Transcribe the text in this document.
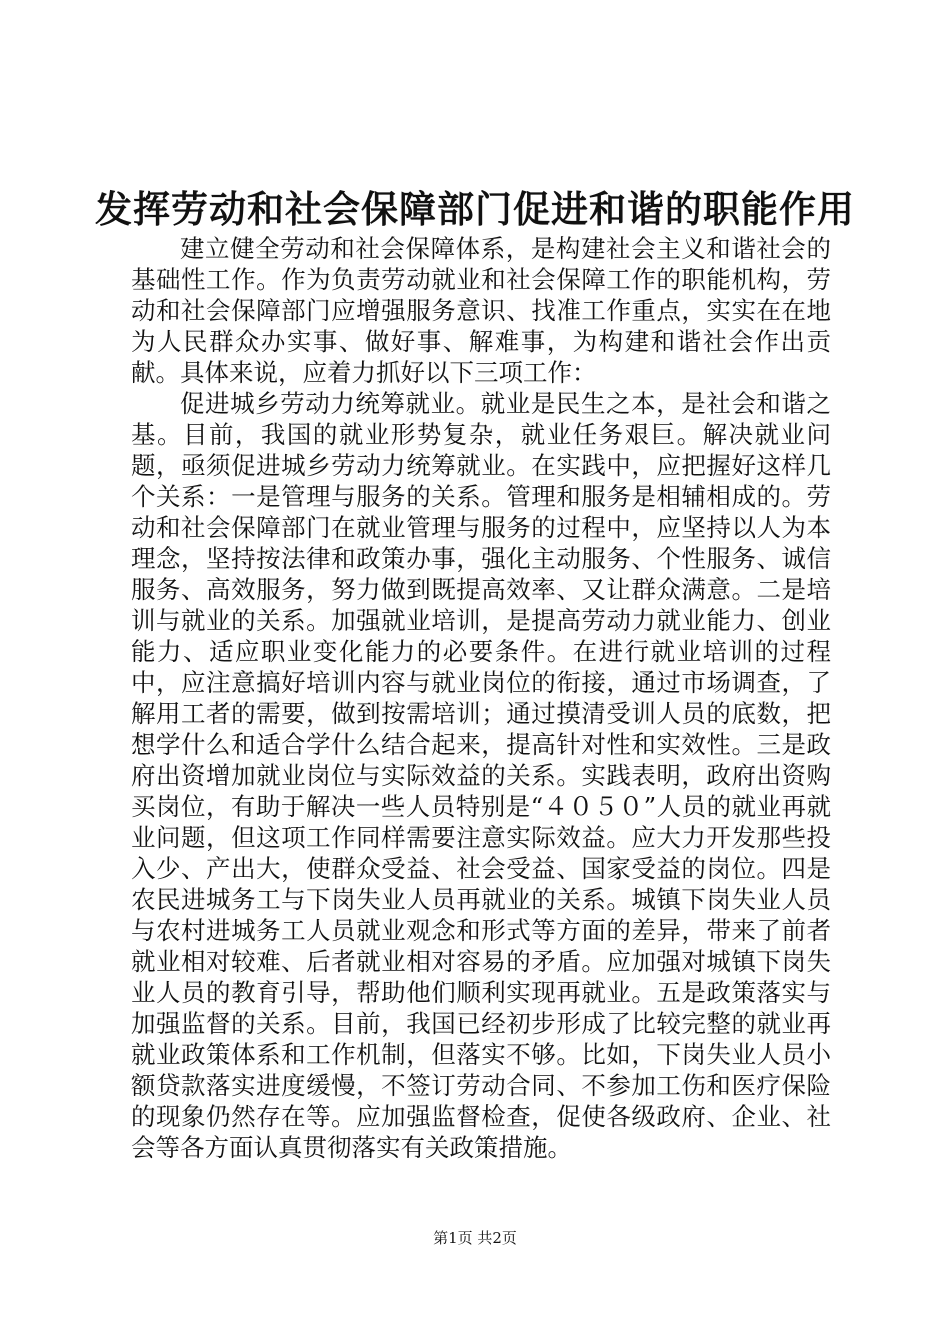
发挥劳动和社会保障部门促进和谐的职能作用

建立健全劳动和社会保障体系，是构建社会主义和谐社会的基础性工作。作为负责劳动就业和社会保障工作的职能机构，劳动和社会保障部门应增强服务意识、找准工作重点，实实在在地为人民群众办实事、做好事、解难事，为构建和谐社会作出贡献。具体来说，应着力抓好以下三项工作：

促进城乡劳动力统筹就业。就业是民生之本，是社会和谐之基。目前，我国的就业形势复杂，就业任务艰巨。解决就业问题，亟须促进城乡劳动力统筹就业。在实践中，应把握好这样几个关系：一是管理与服务的关系。管理和服务是相辅相成的。劳动和社会保障部门在就业管理与服务的过程中，应坚持以人为本理念，坚持按法律和政策办事，强化主动服务、个性服务、诚信服务、高效服务，努力做到既提高效率、又让群众满意。二是培训与就业的关系。加强就业培训，是提高劳动力就业能力、创业能力、适应职业变化能力的必要条件。在进行就业培训的过程中，应注意搞好培训内容与就业岗位的衔接，通过市场调查，了解用工者的需要，做到按需培训；通过摸清受训人员的底数，把想学什么和适合学什么结合起来，提高针对性和实效性。三是政府出资增加就业岗位与实际效益的关系。实践表明，政府出资购买岗位，有助于解决一些人员特别是“４０５０”人员的就业再就业问题，但这项工作同样需要注意实际效益。应大力开发那些投入少、产出大，使群众受益、社会受益、国家受益的岗位。四是农民进城务工与下岗失业人员再就业的关系。城镇下岗失业人员与农村进城务工人员就业观念和形式等方面的差异，带来了前者就业相对较难、后者就业相对容易的矛盾。应加强对城镇下岗失业人员的教育引导，帮助他们顺利实现再就业。五是政策落实与加强监督的关系。目前，我国已经初步形成了比较完整的就业再就业政策体系和工作机制，但落实不够。比如，下岗失业人员小额贷款落实进度缓慢，不签订劳动合同、不参加工伤和医疗保险的现象仍然存在等。应加强监督检查，促使各级政府、企业、社会等各方面认真贯彻落实有关政策措施。

第1页 共2页
